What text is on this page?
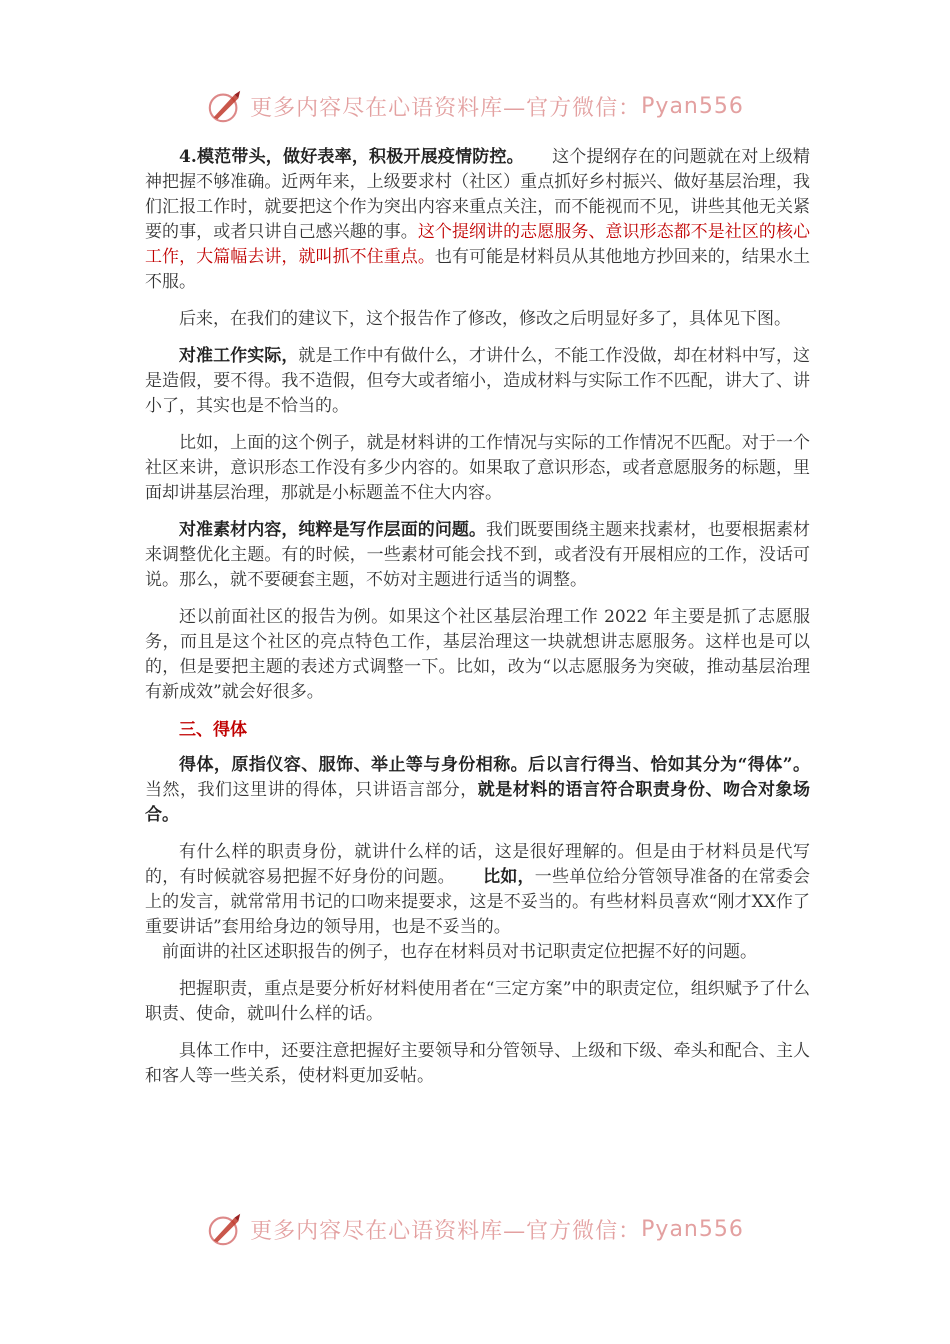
更多内容尽在心语资料库—官方微信： Pyan556

4.模范带头，做好表率，积极开展疫情防控。 这个提纲存在的问题就在对上级精神把握不够准确。近两年来，上级要求村（社区）重点抓好乡村振兴、做好基层治理，我们汇报工作时，就要把这个作为突出内容来重点关注，而不能视而不见，讲些其他无关紧要的事，或者只讲自己感兴趣的事。这个提纲讲的志愿服务、意识形态都不是社区的核心工作，大篇幅去讲，就叫抓不住重点。也有可能是材料员从其他地方抄回来的，结果水土不服。

后来，在我们的建议下，这个报告作了修改，修改之后明显好多了，具体见下图。

对准工作实际，就是工作中有做什么，才讲什么，不能工作没做，却在材料中写，这是造假，要不得。我不造假，但夸大或者缩小，造成材料与实际工作不匹配，讲大了、讲小了，其实也是不恰当的。

比如，上面的这个例子，就是材料讲的工作情况与实际的工作情况不匹配。对于一个社区来讲，意识形态工作没有多少内容的。如果取了意识形态，或者意愿服务的标题，里面却讲基层治理，那就是小标题盖不住大内容。

对准素材内容，纯粹是写作层面的问题。我们既要围绕主题来找素材，也要根据素材来调整优化主题。有的时候，一些素材可能会找不到，或者没有开展相应的工作，没话可说。那么，就不要硬套主题，不妨对主题进行适当的调整。

还以前面社区的报告为例。如果这个社区基层治理工作 2022 年主要是抓了志愿服务，而且是这个社区的亮点特色工作，基层治理这一块就想讲志愿服务。这样也是可以的，但是要把主题的表述方式调整一下。比如，改为“以志愿服务为突破，推动基层治理有新成效”就会好很多。

三、得体

得体，原指仪容、服饰、举止等与身份相称。后以言行得当、恰如其分为“得体”。当然，我们这里讲的得体，只讲语言部分，就是材料的语言符合职责身份、吻合对象场合。

有什么样的职责身份，就讲什么样的话，这是很好理解的。但是由于材料员是代写的，有时候就容易把握不好身份的问题。 比如，一些单位给分管领导准备的在常委会上的发言，就常常用书记的口吻来提要求，这是不妥当的。有些材料员喜欢“刚才XX作了重要讲话”套用给身边的领导用，也是不妥当的。

前面讲的社区述职报告的例子，也存在材料员对书记职责定位把握不好的问题。

把握职责，重点是要分析好材料使用者在“三定方案”中的职责定位，组织赋予了什么职责、使命，就叫什么样的话。

具体工作中，还要注意把握好主要领导和分管领导、上级和下级、牵头和配合、主人和客人等一些关系，使材料更加妥帖。

更多内容尽在心语资料库—官方微信： Pyan556
